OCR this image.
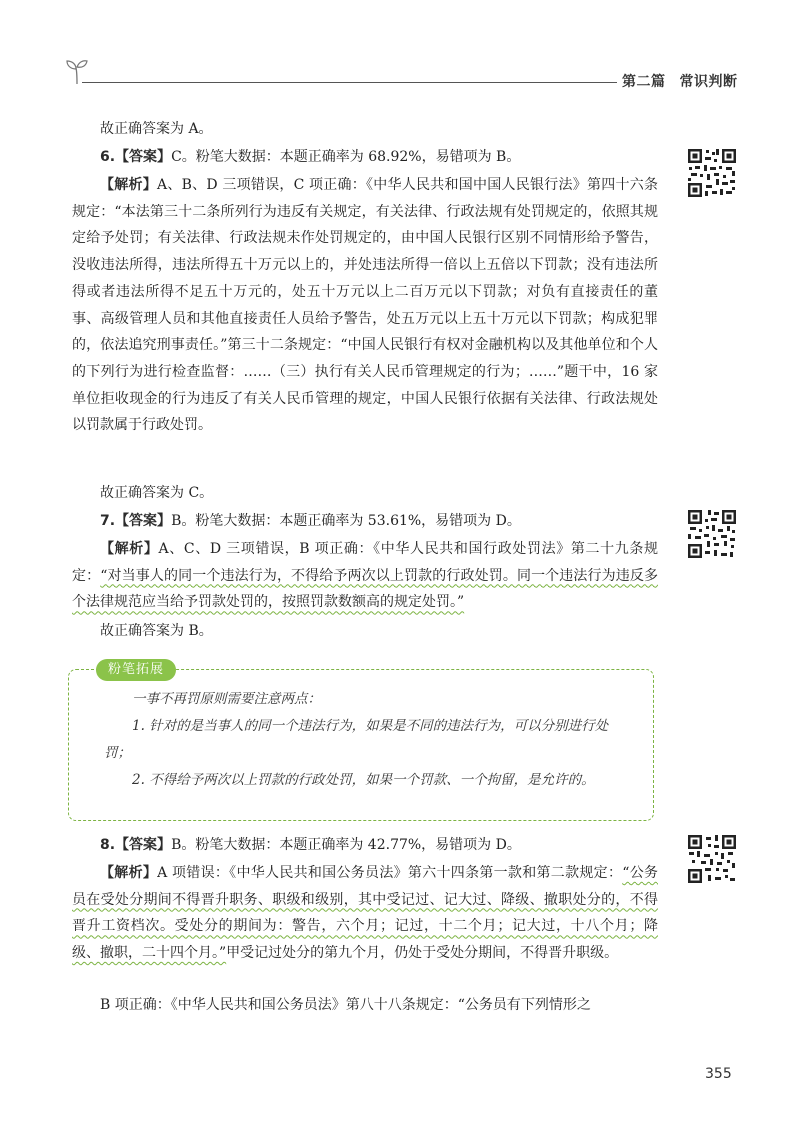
第二篇 常识判断
故正确答案为 A。
6.【答案】C。粉笔大数据：本题正确率为 68.92%，易错项为 B。
【解析】A、B、D 三项错误，C 项正确：《中华人民共和国中国人民银行法》第四十六条规定：“本法第三十二条所列行为违反有关规定，有关法律、行政法规有处罚规定的，依照其规定给予处罚；有关法律、行政法规未作处罚规定的，由中国人民银行区别不同情形给予警告，没收违法所得，违法所得五十万元以上的，并处违法所得一倍以上五倍以下罚款；没有违法所得或者违法所得不足五十万元的，处五十万元以上二百万元以下罚款；对负有直接责任的董事、高级管理人员和其他直接责任人员给予警告，处五万元以上五十万元以下罚款；构成犯罪的，依法追究刑事责任。”第三十二条规定：“中国人民银行有权对金融机构以及其他单位和个人的下列行为进行检查监督：……（三）执行有关人民币管理规定的行为；……”题干中，16 家单位拒收现金的行为违反了有关人民币管理的规定，中国人民银行依据有关法律、行政法规处以罚款属于行政处罚。
故正确答案为 C。
7.【答案】B。粉笔大数据：本题正确率为 53.61%，易错项为 D。
【解析】A、C、D 三项错误，B 项正确：《中华人民共和国行政处罚法》第二十九条规定：“对当事人的同一个违法行为，不得给予两次以上罚款的行政处罚。同一个违法行为违反多个法律规范应当给予罚款处罚的，按照罚款数额高的规定处罚。”
故正确答案为 B。
8.【答案】B。粉笔大数据：本题正确率为 42.77%，易错项为 D。
【解析】A 项错误：《中华人民共和国公务员法》第六十四条第一款和第二款规定：“公务员在受处分期间不得晋升职务、职级和级别，其中受记过、记大过、降级、撤职处分的，不得晋升工资档次。受处分的期间为：警告，六个月；记过，十二个月；记大过，十八个月；降级、撤职，二十四个月。”甲受记过处分的第九个月，仍处于受处分期间，不得晋升职级。
B 项正确：《中华人民共和国公务员法》第八十八条规定：“公务员有下列情形之
粉笔拓展
一事不再罚原则需要注意两点：
1. 针对的是当事人的同一个违法行为，如果是不同的违法行为，可以分别进行处罚；
2. 不得给予两次以上罚款的行政处罚，如果一个罚款、一个拘留，是允许的。
355
